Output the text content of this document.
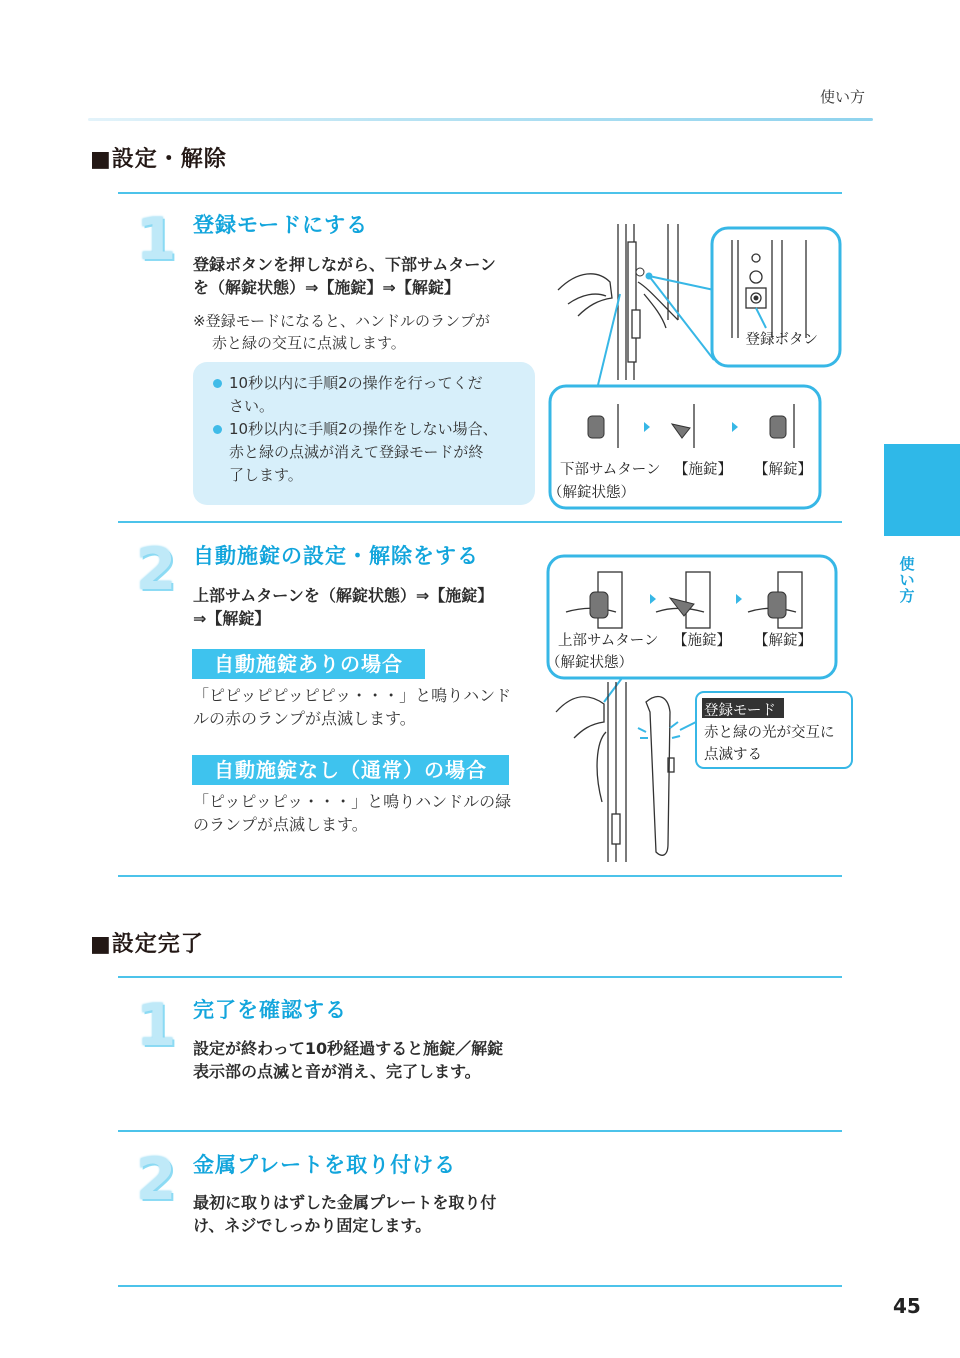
使い方
使
い
方
■設定・解除
1 登録モードにする
登録ボタンを押しながら、下部サムターン
を（解錠状態）⇒【施錠】⇒【解錠】
※登録モードになると、ハンドルのランプが
赤と緑の交互に点滅します。
10秒以内に手順2の操作を行ってくだ
さい。
10秒以内に手順2の操作をしない場合、
赤と緑の点滅が消えて登録モードが終
了します。
登録ボタン
下部サムターン
（解錠状態）
【施錠】 【解錠】
2 自動施錠の設定・解除をする
上部サムターンを（解錠状態）⇒【施錠】
⇒【解錠】
自動施錠ありの場合
「ピピッピピッピピッ・・・」と鳴りハンド
ルの赤のランプが点滅します。
自動施錠なし（通常）の場合
「ピッピッピッ・・・」と鳴りハンドルの緑
のランプが点滅します。
上部サムターン
（解錠状態）
【施錠】 【解錠】
登録モード
赤と緑の光が交互に
点滅する
■設定完了
1 完了を確認する
設定が終わって10秒経過すると施錠／解錠
表示部の点滅と音が消え、完了します。
2 金属プレートを取り付ける
最初に取りはずした金属プレートを取り付
け、ネジでしっかり固定します。
45
